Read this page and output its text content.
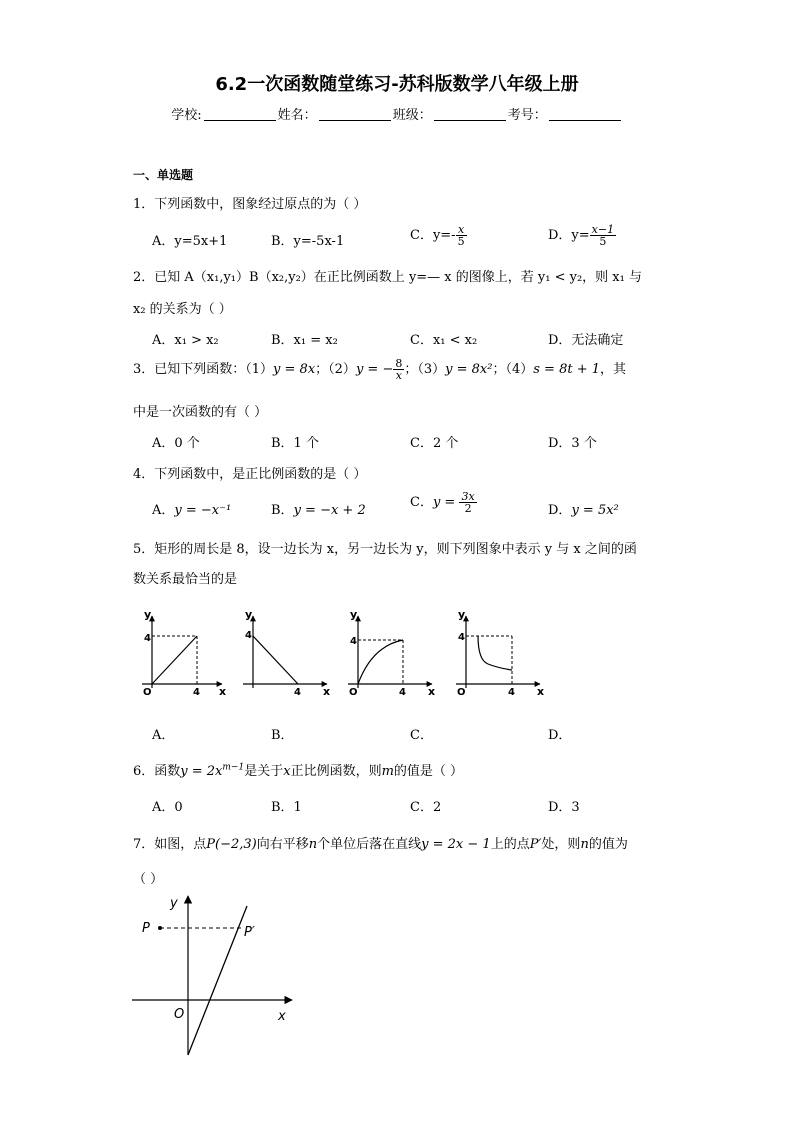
6.2一次函数随堂练习-苏科版数学八年级上册
学校:	姓名：	班级：	考号：
一、单选题
1．下列函数中，图象经过原点的为（ ）
A．y=5x+1	B．y=-5x-1	C．$y=- \frac{x}{5}$	D．$y= \frac{x-1}{5}$
2．已知 A（x₁,y₁）B（x₂,y₂）在正比例函数上 y=— x 的图像上，若 y₁ < y₂，则 x₁ 与
x₂ 的关系为（ ）
A．x₁ > x₂	B．x₁ = x₂	C．x₁ < x₂	D．无法确定
3．已知下列函数：（1）y = 8x；（2）y = − $\frac{8}{x}$ ；（3）y = 8x²；（4）s = 8t + 1，其
中是一次函数的有（ ）
A．0 个	B．1 个	C．2 个	D．3 个
4．下列函数中，是正比例函数的是（ ）
A．y = −x⁻¹	B．y = −x + 2
C．$y = \frac{3x}{2}$	D．y = 5x²
5．矩形的周长是 8，设一边长为 x，另一边长为 y，则下列图象中表示 y 与 x 之间的函
数关系最恰当的是
y
4
O	4 x
y
4
4 x
y
4
O	4 x
y
4
O	4 x
A．	B．	C．	D．
6．函数$y = 2x^{m-1}$是关于x正比例函数，则m的值是（ ）
A．0	B．1	C．2	D．3
7．如图，点P(−2,3)向右平移n个单位后落在直线y = 2x − 1上的点P′处，则n的值为
（ ）
y
P	P′
O	x
